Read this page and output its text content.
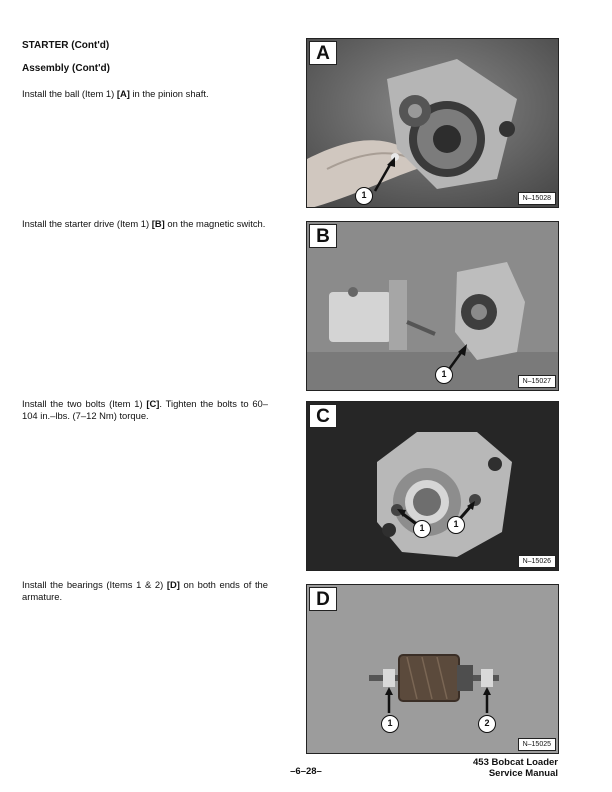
STARTER (Cont'd)

Assembly (Cont'd)

Install the ball (Item 1) [A] in the pinion shaft.

Install the starter drive (Item 1) [B] on the magnetic switch.

Install the two bolts (Item 1) [C]. Tighten the bolts to 60–104 in.–lbs. (7–12 Nm) torque.

Install the bearings (Items 1 & 2) [D] on both ends of the armature.

A
1	N–15028
B
1
N–15027
C
1	1
N–15026
D
1	2
N–15025
–6–28–
453 Bobcat Loader
Service Manual
